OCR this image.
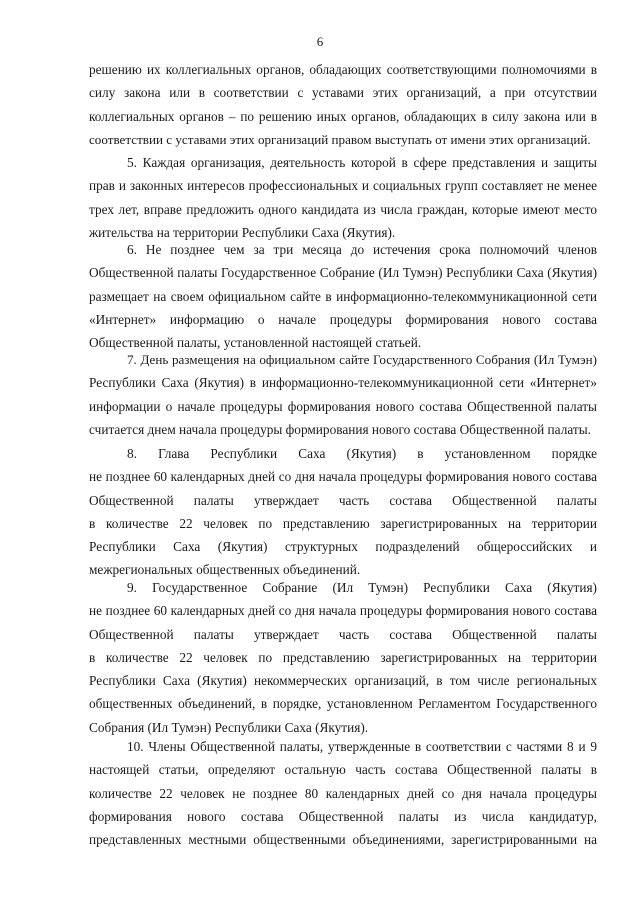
6
решению их коллегиальных органов, обладающих соответствующими полномочиями в
силу закона или в соответствии с уставами этих организаций, а при отсутствии
коллегиальных органов – по решению иных органов, обладающих в силу закона или в
соответствии с уставами этих организаций правом выступать от имени этих организаций.
5. Каждая организация, деятельность которой в сфере представления и защиты
прав и законных интересов профессиональных и социальных групп составляет не менее
трех лет, вправе предложить одного кандидата из числа граждан, которые имеют место
жительства на территории Республики Саха (Якутия).
6. Не позднее чем за три месяца до истечения срока полномочий членов
Общественной палаты Государственное Собрание (Ил Тумэн) Республики Саха (Якутия)
размещает на своем официальном сайте в информационно-телекоммуникационной сети
«Интернет» информацию о начале процедуры формирования нового состава
Общественной палаты, установленной настоящей статьей.
7. День размещения на официальном сайте Государственного Собрания (Ил Тумэн)
Республики Саха (Якутия) в информационно-телекоммуникационной сети «Интернет»
информации о начале процедуры формирования нового состава Общественной палаты
считается днем начала процедуры формирования нового состава Общественной палаты.
8. Глава Республики Саха (Якутия) в установленном порядке
не позднее 60 календарных дней со дня начала процедуры формирования нового состава
Общественной палаты утверждает часть состава Общественной палаты
в количестве 22 человек по представлению зарегистрированных на территории
Республики Саха (Якутия) структурных подразделений общероссийских и
межрегиональных общественных объединений.
9. Государственное Собрание (Ил Тумэн) Республики Саха (Якутия)
не позднее 60 календарных дней со дня начала процедуры формирования нового состава
Общественной палаты утверждает часть состава Общественной палаты
в количестве 22 человек по представлению зарегистрированных на территории
Республики Саха (Якутия) некоммерческих организаций, в том числе региональных
общественных объединений, в порядке, установленном Регламентом Государственного
Собрания (Ил Тумэн) Республики Саха (Якутия).
10. Члены Общественной палаты, утвержденные в соответствии с частями 8 и 9
настоящей статьи, определяют остальную часть состава Общественной палаты в
количестве 22 человек не позднее 80 календарных дней со дня начала процедуры
формирования нового состава Общественной палаты из числа кандидатур,
представленных местными общественными объединениями, зарегистрированными на
